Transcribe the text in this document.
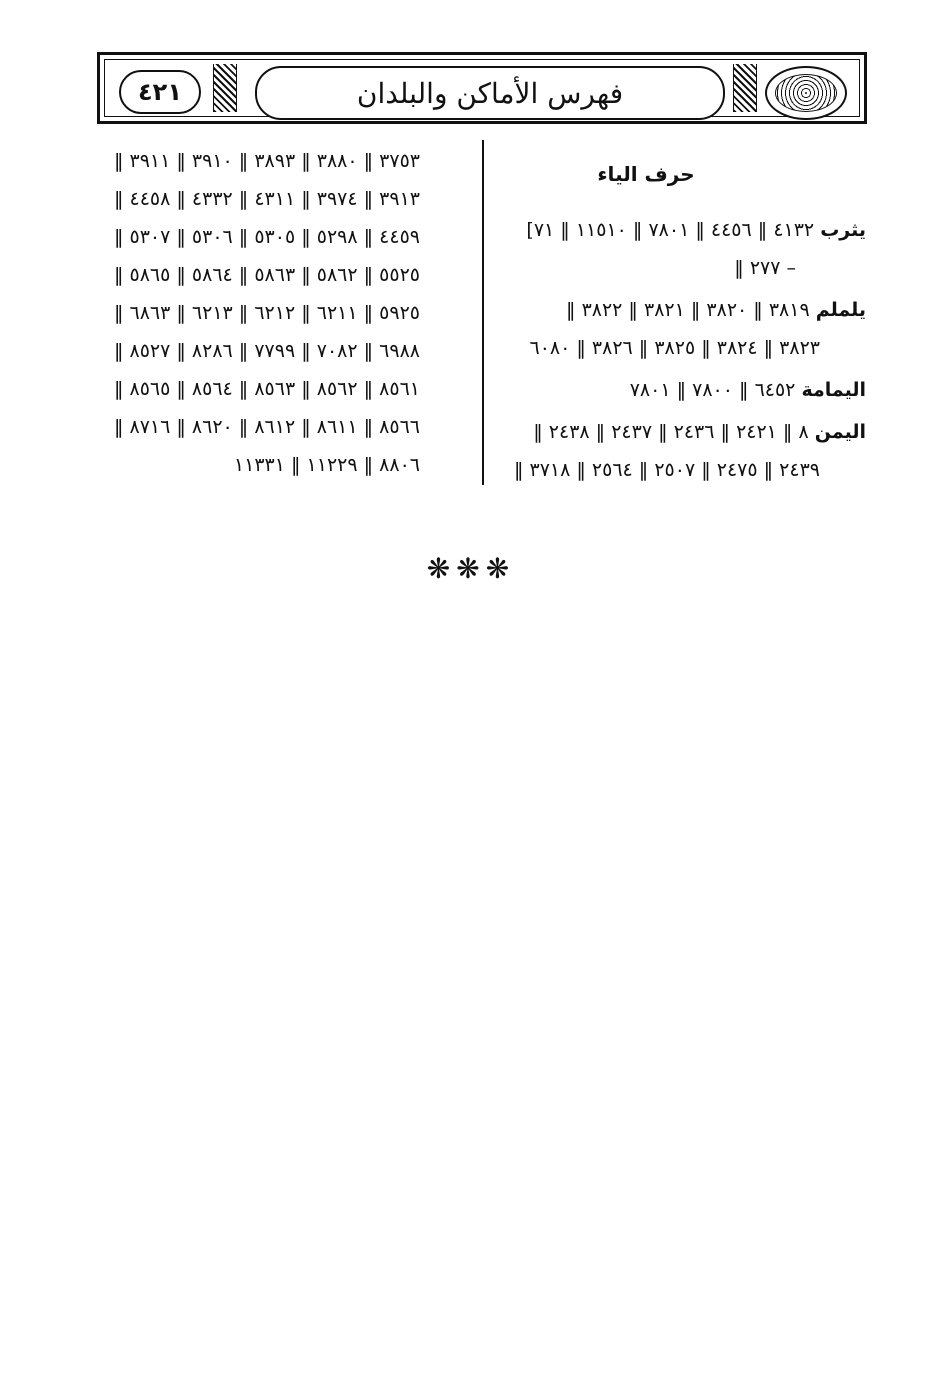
٤٢١	فهرس الأماكن والبلدان
حرف الياء
يثرب ٤١٣٢ ‖ ٤٤٥٦ ‖ ٧٨٠١ ‖ ١١٥١٠ ‖ ٧١]
– ٢٧٧ ‖
يلملم ٣٨١٩ ‖ ٣٨٢٠ ‖ ٣٨٢١ ‖ ٣٨٢٢ ‖
٣٨٢٣ ‖ ٣٨٢٤ ‖ ٣٨٢٥ ‖ ٣٨٢٦ ‖ ٦٠٨٠
اليمامة ٦٤٥٢ ‖ ٧٨٠٠ ‖ ٧٨٠١
اليمن ٨ ‖ ٢٤٢١ ‖ ٢٤٣٦ ‖ ٢٤٣٧ ‖ ٢٤٣٨ ‖
٢٤٣٩ ‖ ٢٤٧٥ ‖ ٢٥٠٧ ‖ ٢٥٦٤ ‖ ٣٧١٨ ‖
٣٧٥٣ ‖ ٣٨٨٠ ‖ ٣٨٩٣ ‖ ٣٩١٠ ‖ ٣٩١١ ‖
٣٩١٣ ‖ ٣٩٧٤ ‖ ٤٣١١ ‖ ٤٣٣٢ ‖ ٤٤٥٨ ‖
٤٤٥٩ ‖ ٥٢٩٨ ‖ ٥٣٠٥ ‖ ٥٣٠٦ ‖ ٥٣٠٧ ‖
٥٥٢٥ ‖ ٥٨٦٢ ‖ ٥٨٦٣ ‖ ٥٨٦٤ ‖ ٥٨٦٥ ‖
٥٩٢٥ ‖ ٦٢١١ ‖ ٦٢١٢ ‖ ٦٢١٣ ‖ ٦٨٦٣ ‖
٦٩٨٨ ‖ ٧٠٨٢ ‖ ٧٧٩٩ ‖ ٨٢٨٦ ‖ ٨٥٢٧ ‖
٨٥٦١ ‖ ٨٥٦٢ ‖ ٨٥٦٣ ‖ ٨٥٦٤ ‖ ٨٥٦٥ ‖
٨٥٦٦ ‖ ٨٦١١ ‖ ٨٦١٢ ‖ ٨٦٢٠ ‖ ٨٧١٦ ‖
٨٨٠٦ ‖ ١١٢٢٩ ‖ ١١٣٣١
❋❋❋
